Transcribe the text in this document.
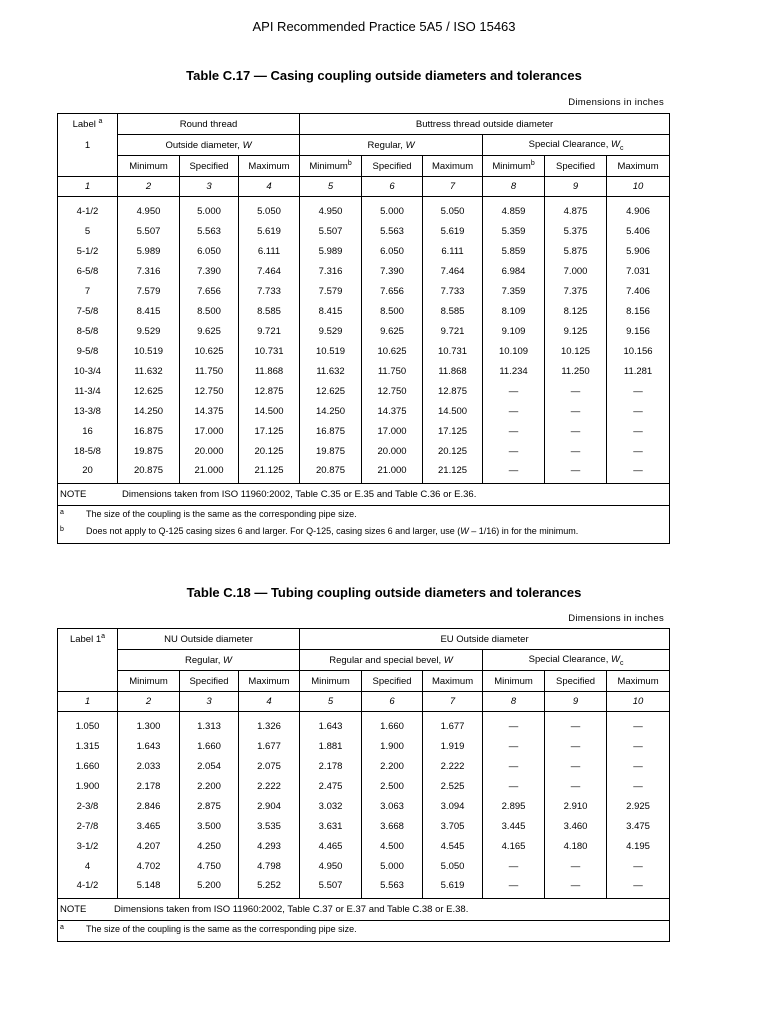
API Recommended Practice 5A5 / ISO 15463
Table C.17 — Casing coupling outside diameters and tolerances
Dimensions in inches
Label $^a$	Round thread			Buttress thread outside diameter					
1	Outside diameter, W			Regular, W			Special Clearance, $W_c$
	Minimum	Specified	Maximum	Minimum$^b$	Specified	Maximum	Minimum$^b$	Specified	Maximum
1	2	3	4	5	6	7	8	9	10
4-1/2	4.950	5.000	5.050	4.950	5.000	5.050	4.859	4.875	4.906
5	5.507	5.563	5.619	5.507	5.563	5.619	5.359	5.375	5.406
5-1/2	5.989	6.050	6.111	5.989	6.050	6.111	5.859	5.875	5.906
6-5/8	7.316	7.390	7.464	7.316	7.390	7.464	6.984	7.000	7.031
7	7.579	7.656	7.733	7.579	7.656	7.733	7.359	7.375	7.406
7-5/8	8.415	8.500	8.585	8.415	8.500	8.585	8.109	8.125	8.156
8-5/8	9.529	9.625	9.721	9.529	9.625	9.721	9.109	9.125	9.156
9-5/8	10.519	10.625	10.731	10.519	10.625	10.731	10.109	10.125	10.156
10-3/4	11.632	11.750	11.868	11.632	11.750	11.868	11.234	11.250	11.281
11-3/4	12.625	12.750	12.875	12.625	12.750	12.875	—	—	—
13-3/8	14.250	14.375	14.500	14.250	14.375	14.500	—	—	—
16	16.875	17.000	17.125	16.875	17.000	17.125	—	—	—
18-5/8	19.875	20.000	20.125	19.875	20.000	20.125	—	—	—
20	20.875	21.000	21.125	20.875	21.000	21.125	—	—	—
NOTE Dimensions taken from ISO 11960:2002, Table C.35 or E.35 and Table C.36 or E.36.									
$^a$ The size of the coupling is the same as the corresponding pipe size.									
$^b$ Does not apply to Q-125 casing sizes 6 and larger. For Q-125, casing sizes 6 and larger, use (W – 1/16) in for the minimum.									
Table C.18 — Tubing coupling outside diameters and tolerances
Dimensions in inches
Label 1$^a$	NU Outside diameter			EU Outside diameter					
	Regular, W			Regular and special bevel, W			Special Clearance, $W_c$
	Minimum	Specified	Maximum	Minimum	Specified	Maximum	Minimum	Specified	Maximum
1	2	3	4	5	6	7	8	9	10
1.050	1.300	1.313	1.326	1.643	1.660	1.677	—	—	—
1.315	1.643	1.660	1.677	1.881	1.900	1.919	—	—	—
1.660	2.033	2.054	2.075	2.178	2.200	2.222	—	—	—
1.900	2.178	2.200	2.222	2.475	2.500	2.525	—	—	—
2-3/8	2.846	2.875	2.904	3.032	3.063	3.094	2.895	2.910	2.925
2-7/8	3.465	3.500	3.535	3.631	3.668	3.705	3.445	3.460	3.475
3-1/2	4.207	4.250	4.293	4.465	4.500	4.545	4.165	4.180	4.195
4	4.702	4.750	4.798	4.950	5.000	5.050	—	—	—
4-1/2	5.148	5.200	5.252	5.507	5.563	5.619	—	—	—
NOTE Dimensions taken from ISO 11960:2002, Table C.37 or E.37 and Table C.38 or E.38.									
$^a$ The size of the coupling is the same as the corresponding pipe size.									
